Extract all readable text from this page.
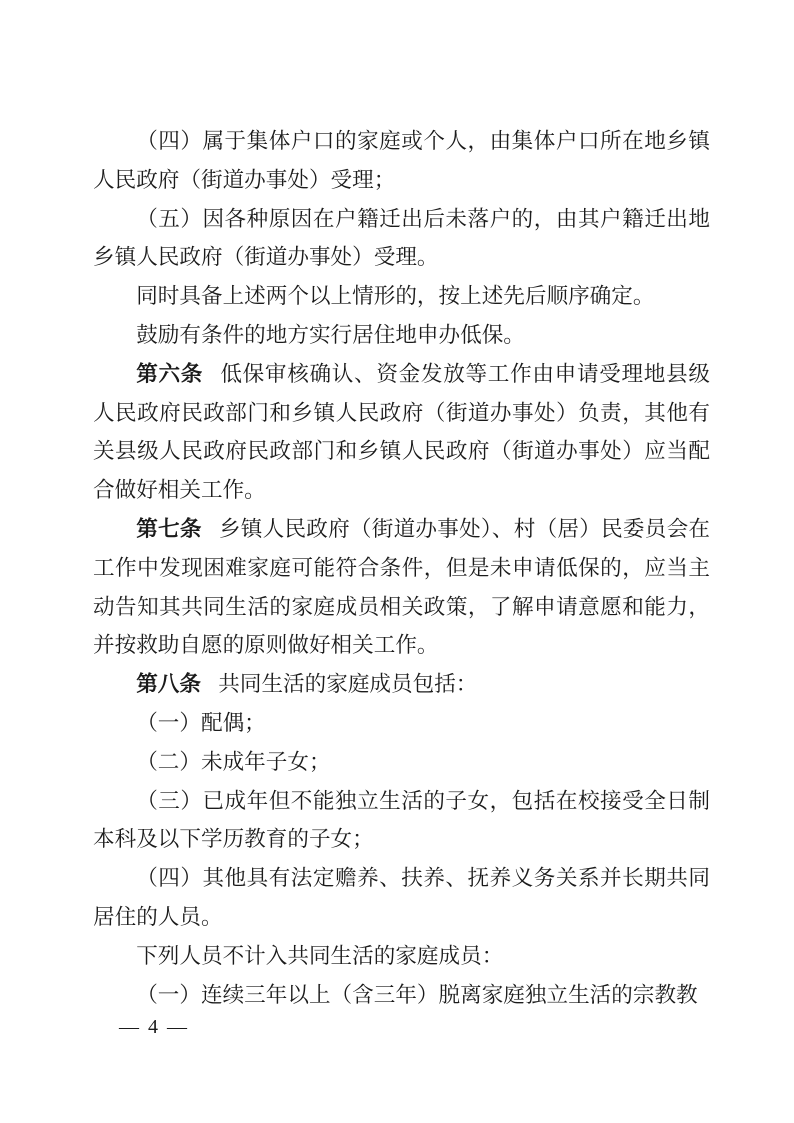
（四）属于集体户口的家庭或个人，由集体户口所在地乡镇人民政府（街道办事处）受理；

（五）因各种原因在户籍迁出后未落户的，由其户籍迁出地乡镇人民政府（街道办事处）受理。

同时具备上述两个以上情形的，按上述先后顺序确定。

鼓励有条件的地方实行居住地申办低保。

第六条 低保审核确认、资金发放等工作由申请受理地县级人民政府民政部门和乡镇人民政府（街道办事处）负责，其他有关县级人民政府民政部门和乡镇人民政府（街道办事处）应当配合做好相关工作。

第七条 乡镇人民政府（街道办事处）、村（居）民委员会在工作中发现困难家庭可能符合条件，但是未申请低保的，应当主动告知其共同生活的家庭成员相关政策，了解申请意愿和能力，并按救助自愿的原则做好相关工作。

第八条 共同生活的家庭成员包括：

（一）配偶；

（二）未成年子女；

（三）已成年但不能独立生活的子女，包括在校接受全日制本科及以下学历教育的子女；

（四）其他具有法定赡养、扶养、抚养义务关系并长期共同居住的人员。

下列人员不计入共同生活的家庭成员：

（一）连续三年以上（含三年）脱离家庭独立生活的宗教教

— 4 —
